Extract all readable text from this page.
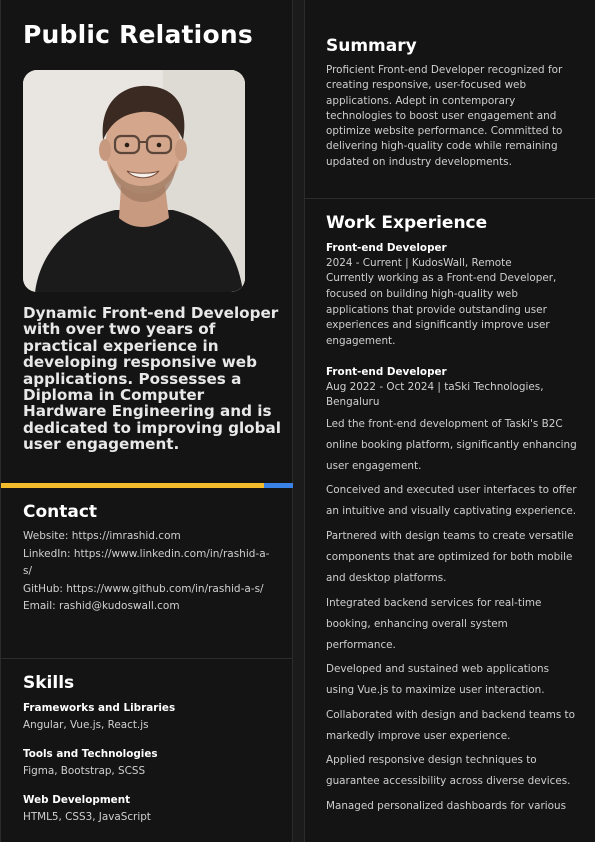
Public Relations

Dynamic Front-end Developer with over two years of practical experience in developing responsive web applications. Possesses a Diploma in Computer Hardware Engineering and is dedicated to improving global user engagement.

Contact
Website: https://imrashid.com
LinkedIn: https://www.linkedin.com/in/rashid-a-s/
GitHub: https://www.github.com/in/rashid-a-s/
Email: rashid@kudoswall.com
Skills
Frameworks and Libraries
Angular, Vue.js, React.js
Tools and Technologies
Figma, Bootstrap, SCSS
Web Development
HTML5, CSS3, JavaScript
Summary

Proficient Front-end Developer recognized for creating responsive, user-focused web applications. Adept in contemporary technologies to boost user engagement and optimize website performance. Committed to delivering high-quality code while remaining updated on industry developments.

Work Experience
Front-end Developer
2024 - Current | KudosWall, Remote

Currently working as a Front-end Developer, focused on building high-quality web applications that provide outstanding user experiences and significantly improve user engagement.

Front-end Developer
Aug 2022 - Oct 2024 | taSki Technologies, Bengaluru
Led the front-end development of Taski's B2C online booking platform, significantly enhancing user engagement.
Conceived and executed user interfaces to offer an intuitive and visually captivating experience.
Partnered with design teams to create versatile components that are optimized for both mobile and desktop platforms.
Integrated backend services for real-time booking, enhancing overall system performance.
Developed and sustained web applications using Vue.js to maximize user interaction.
Collaborated with design and backend teams to markedly improve user experience.
Applied responsive design techniques to guarantee accessibility across diverse devices.
Managed personalized dashboards for various
